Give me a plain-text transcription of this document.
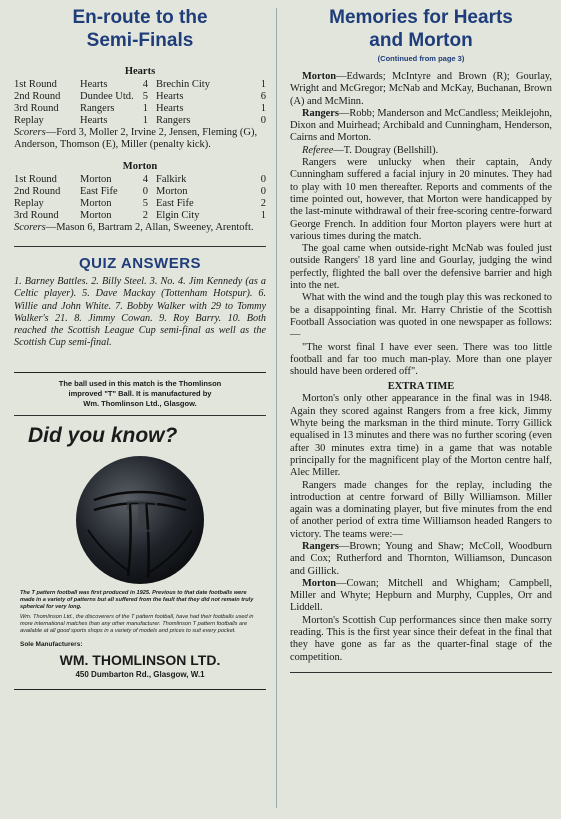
En-route to the
Semi-Finals
Hearts
1st Round	Hearts	4	Brechin City	1
2nd Round	Dundee Utd.	5	Hearts	6
3rd Round	Rangers	1	Hearts	1
Replay	Hearts	1	Rangers	0

Scorers—Ford 3, Moller 2, Irvine 2, Jensen, Fleming (G), Anderson, Thomson (E), Miller (penalty kick).

Morton
1st Round	Morton	4	Falkirk	0
2nd Round	East Fife	0	Morton	0
Replay	Morton	5	East Fife	2
3rd Round	Morton	2	Elgin City	1

Scorers—Mason 6, Bartram 2, Allan, Sweeney, Arentoft.

QUIZ ANSWERS

1. Barney Battles. 2. Billy Steel. 3. No. 4. Jim Kennedy (as a Celtic player). 5. Dave Mackay (Tottenham Hotspur). 6. Willie and John White. 7. Bobby Walker with 29 to Tommy Walker's 21. 8. Jimmy Cowan. 9. Roy Barry. 10. Both reached the Scottish League Cup semi-final as well as the Scottish Cup semi-final.

The ball used in this match is the Thomlinson
improved "T" Ball. It is manufactured by
Wm. Thomlinson Ltd., Glasgow.

Did you know?
T

The T pattern football was first produced in 1925. Previous to that date footballs were made in a variety of patterns but all suffered from the fault that they did not remain truly spherical for very long.

Wm. Thomlinson Ltd., the discoverers of the T pattern football, have had their footballs used in more international matches than any other manufacturer. Thomlinson T pattern footballs are available at all good sports shops in a variety of models and prices to suit every pocket.

Sole Manufacturers:

WM. THOMLINSON LTD.
450 Dumbarton Rd., Glasgow, W.1
Memories for Hearts
and Morton
(Continued from page 3)

Morton—Edwards; McIntyre and Brown (R); Gourlay, Wright and McGregor; McNab and McKay, Buchanan, Brown (A) and McMinn.

Rangers—Robb; Manderson and McCandless; Meiklejohn, Dixon and Muirhead; Archibald and Cunningham, Henderson, Cairns and Morton.

Referee—T. Dougray (Bellshill).

Rangers were unlucky when their captain, Andy Cunningham suffered a facial injury in 20 minutes. They had to play with 10 men thereafter. Reports and comments of the time pointed out, however, that Morton were handicapped by the last-minute withdrawal of their free-scoring centre-forward George French. In addition four Morton players were hurt at various times during the match.

The goal came when outside-right McNab was fouled just outside Rangers' 18 yard line and Gourlay, judging the wind perfectly, flighted the ball over the defensive barrier and high into the net.

What with the wind and the tough play this was reckoned to be a disappointing final. Mr. Harry Christie of the Scottish Football Association was quoted in one newspaper as follows:—

"The worst final I have ever seen. There was too little football and far too much man-play. More than one player should have been ordered off".

EXTRA TIME

Morton's only other appearance in the final was in 1948. Again they scored against Rangers from a free kick, Jimmy Whyte being the marksman in the third minute. Torry Gillick equalised in 13 minutes and there was no further scoring (even after 30 minutes extra time) in a game that was notable principally for the magnificent play of the Morton centre half, Alec Miller.

Rangers made changes for the replay, including the introduction at centre forward of Billy Williamson. Miller again was a dominating player, but five minutes from the end of another period of extra time Williamson headed Rangers to victory. The teams were:—

Rangers—Brown; Young and Shaw; McColl, Woodburn and Cox; Rutherford and Thornton, Williamson, Duncason and Gillick.

Morton—Cowan; Mitchell and Whigham; Campbell, Miller and Whyte; Hepburn and Murphy, Cupples, Orr and Liddell.

Morton's Scottish Cup performances since then make sorry reading. This is the first year since their defeat in the final that they have gone as far as the quarter-final stage of the competition.
